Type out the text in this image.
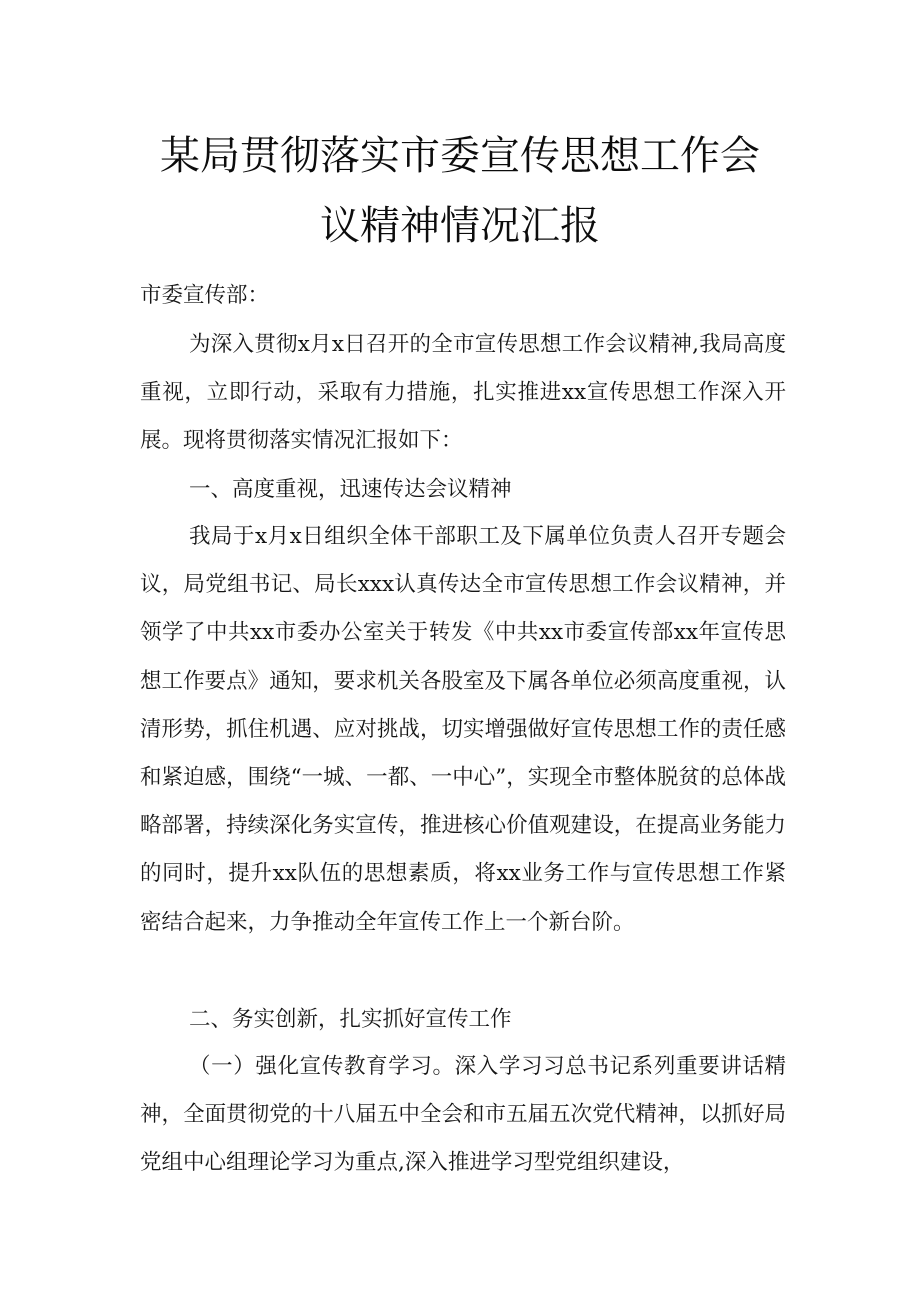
某局贯彻落实市委宣传思想工作会
议精神情况汇报
市委宣传部：

为深入贯彻x月x日召开的全市宣传思想工作会议精神,我局高度重视，立即行动，采取有力措施，扎实推进xx宣传思想工作深入开展。现将贯彻落实情况汇报如下：

一、高度重视，迅速传达会议精神

我局于x月x日组织全体干部职工及下属单位负责人召开专题会议，局党组书记、局长xxx认真传达全市宣传思想工作会议精神，并领学了中共xx市委办公室关于转发《中共xx市委宣传部xx年宣传思想工作要点》通知，要求机关各股室及下属各单位必须高度重视，认清形势，抓住机遇、应对挑战，切实增强做好宣传思想工作的责任感和紧迫感，围绕“一城、一都、一中心”，实现全市整体脱贫的总体战略部署，持续深化务实宣传，推进核心价值观建设，在提高业务能力的同时，提升xx队伍的思想素质，将xx业务工作与宣传思想工作紧密结合起来，力争推动全年宣传工作上一个新台阶。

二、务实创新，扎实抓好宣传工作

（一）强化宣传教育学习。深入学习习总书记系列重要讲话精神，全面贯彻党的十八届五中全会和市五届五次党代精神，以抓好局党组中心组理论学习为重点,深入推进学习型党组织建设，
